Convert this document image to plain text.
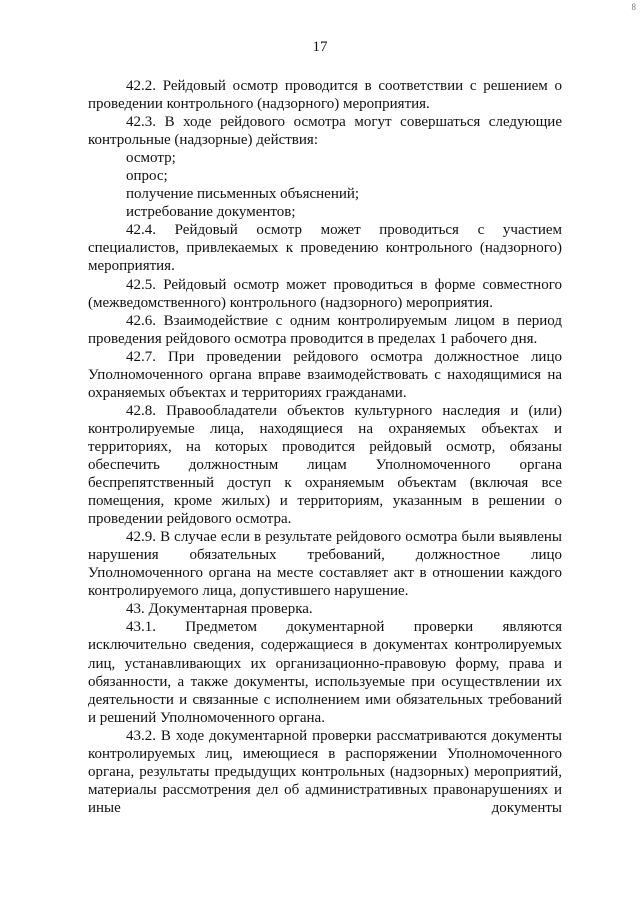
8
17

42.2. Рейдовый осмотр проводится в соответствии с решением о проведении контрольного (надзорного) мероприятия.

42.3. В ходе рейдового осмотра могут совершаться следующие контрольные (надзорные) действия:

осмотр;

опрос;

получение письменных объяснений;

истребование документов;

42.4. Рейдовый осмотр может проводиться с участием специалистов, привлекаемых к проведению контрольного (надзорного) мероприятия.

42.5. Рейдовый осмотр может проводиться в форме совместного (межведомственного) контрольного (надзорного) мероприятия.

42.6. Взаимодействие с одним контролируемым лицом в период проведения рейдового осмотра проводится в пределах 1 рабочего дня.

42.7. При проведении рейдового осмотра должностное лицо Уполномоченного органа вправе взаимодействовать с находящимися на охраняемых объектах и территориях гражданами.

42.8. Правообладатели объектов культурного наследия и (или) контролируемые лица, находящиеся на охраняемых объектах и территориях, на которых проводится рейдовый осмотр, обязаны обеспечить должностным лицам Уполномоченного органа беспрепятственный доступ к охраняемым объектам (включая все помещения, кроме жилых) и территориям, указанным в решении о проведении рейдового осмотра.

42.9. В случае если в результате рейдового осмотра были выявлены нарушения обязательных требований, должностное лицо Уполномоченного органа на месте составляет акт в отношении каждого контролируемого лица, допустившего нарушение.

43. Документарная проверка.

43.1. Предметом документарной проверки являются исключительно сведения, содержащиеся в документах контролируемых лиц, устанавливающих их организационно-правовую форму, права и обязанности, а также документы, используемые при осуществлении их деятельности и связанные с исполнением ими обязательных требований и решений Уполномоченного органа.

43.2. В ходе документарной проверки рассматриваются документы контролируемых лиц, имеющиеся в распоряжении Уполномоченного органа, результаты предыдущих контрольных (надзорных) мероприятий, материалы рассмотрения дел об административных правонарушениях и иные документы
